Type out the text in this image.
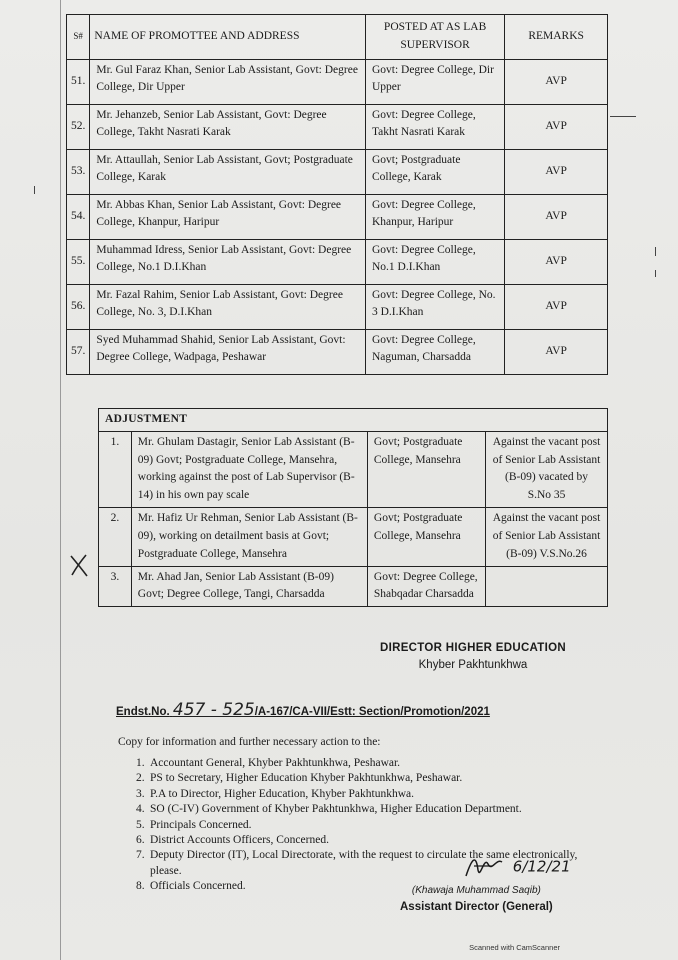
S#	NAME OF PROMOTTEE AND ADDRESS	POSTED AT AS LAB SUPERVISOR	REMARKS
51.	Mr. Gul Faraz Khan, Senior Lab Assistant, Govt: Degree College, Dir Upper	Govt: Degree College, Dir Upper	AVP
52.	Mr. Jehanzeb, Senior Lab Assistant, Govt: Degree College, Takht Nasrati Karak	Govt: Degree College, Takht Nasrati Karak	AVP
53.	Mr. Attaullah, Senior Lab Assistant, Govt; Postgraduate College, Karak	Govt; Postgraduate College, Karak	AVP
54.	Mr. Abbas Khan, Senior Lab Assistant, Govt: Degree College, Khanpur, Haripur	Govt: Degree College, Khanpur, Haripur	AVP
55.	Muhammad Idress, Senior Lab Assistant, Govt: Degree College, No.1 D.I.Khan	Govt: Degree College, No.1 D.I.Khan	AVP
56.	Mr. Fazal Rahim, Senior Lab Assistant, Govt: Degree College, No. 3, D.I.Khan	Govt: Degree College, No. 3 D.I.Khan	AVP
57.	Syed Muhammad Shahid, Senior Lab Assistant, Govt: Degree College, Wadpaga, Peshawar	Govt: Degree College, Naguman, Charsadda	AVP
ADJUSTMENT			
1.	Mr. Ghulam Dastagir, Senior Lab Assistant (B-09) Govt; Postgraduate College, Mansehra, working against the post of Lab Supervisor (B-14) in his own pay scale	Govt; Postgraduate College, Mansehra	Against the vacant post of Senior Lab Assistant (B-09) vacated by S.No 35
2.	Mr. Hafiz Ur Rehman, Senior Lab Assistant (B-09), working on detailment basis at Govt; Postgraduate College, Mansehra	Govt; Postgraduate College, Mansehra	Against the vacant post of Senior Lab Assistant (B-09) V.S.No.26
3.	Mr. Ahad Jan, Senior Lab Assistant (B-09) Govt; Degree College, Tangi, Charsadda	Govt: Degree College, Shabqadar Charsadda	
DIRECTOR HIGHER EDUCATION
Khyber Pakhtunkhwa
Endst.No. 457 - 525/A-167/CA-VII/Estt: Section/Promotion/2021
Copy for information and further necessary action to the:
1. Accountant General, Khyber Pakhtunkhwa, Peshawar.
2. PS to Secretary, Higher Education Khyber Pakhtunkhwa, Peshawar.
3. P.A to Director, Higher Education, Khyber Pakhtunkhwa.
4. SO (C-IV) Government of Khyber Pakhtunkhwa, Higher Education Department.
5. Principals Concerned.
6. District Accounts Officers, Concerned.
7. Deputy Director (IT), Local Directorate, with the request to circulate the same electronically, please.
8. Officials Concerned.
6/12/21
(Khawaja Muhammad Saqib)
Assistant Director (General)
Scanned with CamScanner
